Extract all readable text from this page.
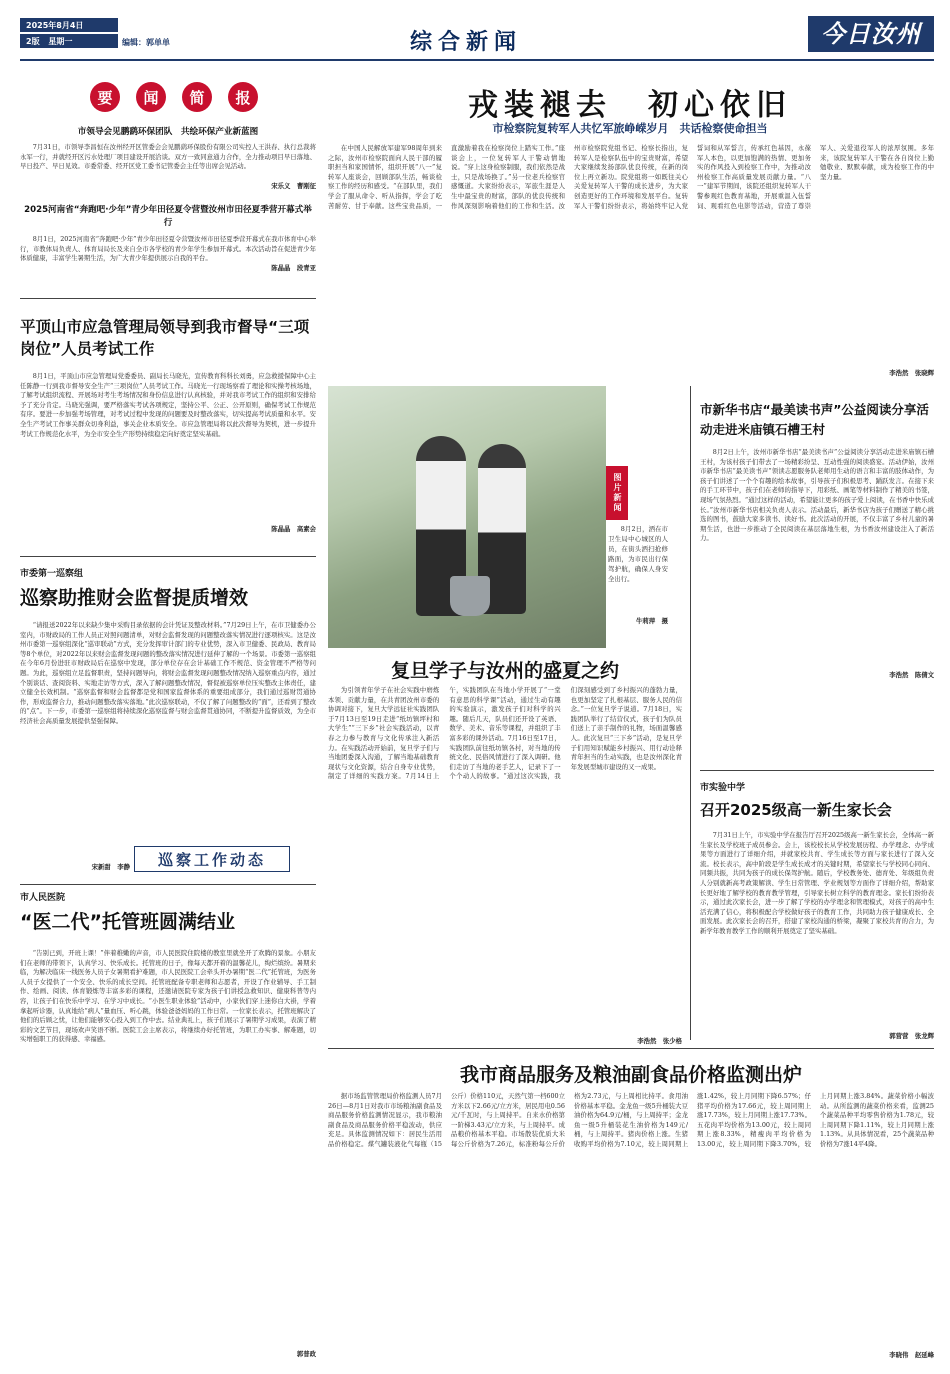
2025年8月4日
2版 星期一	编辑：郭单单	综合新闻	今日汝州
要	闻	简	报
市领导会见鹏鹞环保团队　共绘环保产业新蓝图
7月31日，市领导李昌恒在汝州经开区管委会会见鹏鹞环保股份有限公司实控人王洪春、执行总裁蒋永军一行，并就经开区污水处理厂项目建设开展洽谈。双方一致同意通力合作，全力推动项目早日落地、早日投产、早日见效。市委常委、经开区党工委书记管委会主任等出席会见活动。
宋乐义　曹刚征
2025河南省“奔跑吧·少年”青少年田径夏令营暨汝州市田径夏季营开幕式举行
8月1日，2025河南省“奔跑吧·少年”青少年田径夏令营暨汝州市田径夏季营开幕式在我市体育中心举行，市教体局负责人、体育局局长及来自全市各学校的青少年学生参加开幕式。本次活动旨在促进青少年体质健康，丰富学生暑期生活，为广大青少年提供展示自我的平台。
陈晶晶　段青亚
平顶山市应急管理局领导到我市督导“三项岗位”人员考试工作
8月1日，平顶山市应急管理局党委委员、副局长马晓光，宣传教育科科长刘勇，应急救援保障中心主任陈静一行到我市督导安全生产“三项岗位”人员考试工作。马晓光一行现场察看了理论和实操考核场地，了解考试组织流程、开展场对考生考场情况和身份信息进行认真核验，并对我市考试工作的组织和安排给予了充分肯定。马晓光强调，要严格落实考试各项规定，坚持公平、公正、公开原则，确保考试工作规范有序。要进一步加强考场管理，对考试过程中发现的问题要及时整改落实，切实提高考试质量和水平。安全生产考试工作事关群众切身利益，事关企业本质安全。市应急管理局将以此次督导为契机，进一步提升考试工作规范化水平，为全市安全生产形势持续稳定向好奠定坚实基础。
陈晶晶　高素会
市委第一巡察组
巡察助推财会监督提质增效
“请报送2022年以来缺少集中采购目录依据的会计凭证及整改材料。”7月29日上午，在市卫健委办公室内，市财政局的工作人员正对照问题清单，对财会监督发现的问题整改落实情况进行逐项核实。这是汝州市委第一巡察组深化“巡审联动”方式，充分发挥审计部门的专业优势，深入市卫健委、民政局、教育局等8个单位，对2022年以来财会监督发现问题的整改落实情况进行延伸了解的一个场景。市委第一巡察组在今年6月份进驻市财政局后在巡察中发现，部分单位存在会计基础工作不规范、资金管理不严格等问题。为此，巡察组立足监督职责，坚持问题导向，将财会监督发现问题整改情况纳入巡察重点内容，通过个别谈话、查阅资料、实地走访等方式，深入了解问题整改情况，督促被巡察单位压实整改主体责任，建立健全长效机制。“巡察监督和财会监督都是党和国家监督体系的重要组成部分，我们通过巡财贯通协作，形成监督合力，推动问题整改落实落地。”此次巡察联动，不仅了解了问题整改的“面”，还看到了整改的“点”。下一步，市委第一巡察组将持续深化巡察监督与财会监督贯通协同，不断提升监督质效，为全市经济社会高质量发展提供坚强保障。
宋新甜　李静 巡察工作动态
市人民医院
“医二代”托管班圆满结业
“告别已到，开班上课！”伴着稚嫩的声音，市人民医院住院楼的教室里就坐开了欢腾的景象。小朋友们在老师的带领下，认真学习、快乐成长。托管班的日子，像每天都开着的温馨花儿，绚烂缤纷。暑期来临，为解决临床一线医务人员子女暑期看护难题，市人民医院工会牵头开办暑期“医二代”托管班，为医务人员子女提供了一个安全、快乐的成长空间。托管班配备专职老师和志愿者，开设了作业辅导、手工制作、绘画、阅读、体育锻炼等丰富多彩的课程，还邀请医院专家为孩子们讲授急救知识、健康科普等内容，让孩子们在快乐中学习、在学习中成长。“小医生职业体验”活动中，小家伙们穿上迷你白大褂，学着拿起听诊器，认真地给“病人”量血压、听心跳，体验爸爸妈妈的工作日常。一位家长表示，托管班解决了他们的后顾之忧，让他们能够安心投入到工作中去。结业典礼上，孩子们展示了暑期学习成果，表演了精彩的文艺节目，现场欢声笑语不断。医院工会主席表示，将继续办好托管班，为职工办实事、解难题，切实增强职工的获得感、幸福感。
郭普政
戎装褪去　初心依旧
市检察院复转军人共忆军旅峥嵘岁月　共话检察使命担当
在中国人民解放军建军98周年到来之际，汝州市检察院面向人民干部的履职担当和家国情怀，组织开展“八一”复转军人座谈会，回顾部队生活，畅谈检察工作的经历和感受。“在部队里，我们学会了服从命令、听从指挥，学会了吃苦耐劳、甘于奉献。这些宝贵品质，一直激励着我在检察岗位上踏实工作。”座谈会上，一位复转军人干警动情地说。“穿上这身检察制服，我们依然是战士，只是战场换了。”另一位老兵检察官感慨道。大家纷纷表示，军旅生涯是人生中最宝贵的财富，部队的优良传统和作风深刻影响着他们的工作和生活。汝州市检察院党组书记、检察长指出，复转军人是检察队伍中的宝贵财富，希望大家继续发扬部队优良传统，在新的岗位上再立新功。院党组将一如既往关心关爱复转军人干警的成长进步，为大家创造更好的工作环境和发展平台。复转军人干警们纷纷表示，将始终牢记入党誓词和从军誓言，传承红色基因，永葆军人本色，以更加饱满的热情、更加务实的作风投入到检察工作中，为推动汝州检察工作高质量发展贡献力量。“八一”建军节期间，该院还组织复转军人干警参观红色教育基地，开展重温入伍誓词、观看红色电影等活动，营造了尊崇军人、关爱退役军人的浓厚氛围。多年来，该院复转军人干警在各自岗位上勤勉敬业、默默奉献，成为检察工作的中坚力量。
李浩然　张晓辉
图片新闻
8月2日，洒在市卫生局中心城区的人员，在街头洒扫抢修路面，为市民出行保驾护航，确保人身安全出行。
牛莉萍　摄
复旦学子与汝州的盛夏之约
为引领青年学子在社会实践中磨炼本领、贡献力量，在共青团汝州市委的协调对接下，复旦大学远征社实践团队于7月13日至19日走进“纸坊镇坪村和大学生”“三下乡”社会实践活动，以青春之力参与教育与文化传承注入新活力。在实践活动开始前，复旦学子们与当地团委深入沟通，了解当地基础教育现状与文化资源，结合自身专业优势，制定了详细的实践方案。7月14日上午，实践团队在当地小学开展了“一堂有意思的科学课”活动，通过生动有趣的实验演示，激发孩子们对科学的兴趣。随后几天，队员们还开设了英语、数学、美术、音乐等课程，并组织了丰富多彩的课外活动。7月16日至17日，实践团队前往纸坊镇各村，对当地的传统文化、民俗风情进行了深入调研。他们走访了当地的老手艺人，记录下了一个个动人的故事。“通过这次实践，我们深刻感受到了乡村振兴的蓬勃力量，也更加坚定了扎根基层、服务人民的信念。”一位复旦学子说道。7月18日，实践团队举行了结营仪式，孩子们为队员们送上了亲手制作的礼物，场面温馨感人。此次复旦“三下乡”活动，是复旦学子们用知识赋能乡村振兴、用行动诠释青年担当的生动实践，也是汝州深化青年发展型城市建设的又一成果。
李浩然　张少格
市新华书店“最美读书声”公益阅读分享活动走进米庙镇石槽王村
8月2日上午，汝州市新华书店“最美读书声”公益阅读分享活动走进米庙镇石槽王村，为该村孩子们带去了一场精彩纷呈、互动性强的阅读盛宴。活动伊始，汝州市新华书店“最美读书声”领读志愿服务队老师用生动的语言和丰富的肢体动作，为孩子们讲述了一个个有趣的绘本故事，引导孩子们积极思考、踊跃发言。在接下来的手工环节中，孩子们在老师的指导下，用彩纸、画笔等材料制作了精美的书签，现场气氛热烈。“通过这样的活动，希望能让更多的孩子爱上阅读，在书香中快乐成长。”汝州市新华书店相关负责人表示。活动最后，新华书店为孩子们赠送了精心挑选的图书，鼓励大家多读书、读好书。此次活动的开展，不仅丰富了乡村儿童的暑期生活，也进一步推动了全民阅读在基层落地生根，为书香汝州建设注入了新活力。
李浩然　陈倩文
市实验中学
召开2025级高一新生家长会
7月31日上午，市实验中学在报告厅召开2025级高一新生家长会，全体高一新生家长及学校班子成员参会。会上，该校校长从学校发展历程、办学理念、办学成果等方面进行了详细介绍，并就家校共育、学生成长等方面与家长进行了深入交流。校长表示，高中阶段是学生成长成才的关键时期，希望家长与学校同心同向、同频共振，共同为孩子的成长保驾护航。随后，学校教务处、德育处、年级组负责人分别就新高考政策解读、学生日常管理、学业规划等方面作了详细介绍，帮助家长更好地了解学校的教育教学管理，引导家长树立科学的教育理念。家长们纷纷表示，通过此次家长会，进一步了解了学校的办学理念和管理模式，对孩子的高中生活充满了信心，将积极配合学校做好孩子的教育工作，共同助力孩子健康成长、全面发展。此次家长会的召开，搭建了家校沟通的桥梁，凝聚了家校共育的合力，为新学年教育教学工作的顺利开展奠定了坚实基础。
郭营营　张龙辉
我市商品服务及粮油副食品价格监测出炉
据市场监管管理局价格监测人员7月26日—8月1日对我市市场粮油副食品及商品服务价格监测情况显示，我市粮油副食品及商品服务价格平稳波动，供应充足。具体监测情况如下：居民生活用品价格稳定。煤气罐装液化气每瓶（15公斤）价格110元，天然气第一档600立方米以下2.66元/立方米，居民用电0.56元/千瓦时，与上周持平。自来水价格第一阶梯3.43元/立方米，与上周持平。成品粮价格基本平稳。市场散装优质大米每公斤价格为7.26元，标准粉每公斤价格为2.73元，与上周相比持平。食用油价格基本平稳。金龙鱼一级5升桶装大豆油价格为64.9元/桶，与上周持平；金龙鱼一级5升桶装花生油价格为149元/桶，与上周持平。猪肉价格上涨。生猪收购平均价格为7.10元，较上周同期上涨1.42%，较上月同期下降6.57%；仔猪平均价格为17.66元，较上周同期上涨17.73%，较上月同期上涨17.73%。五花肉平均价格为13.00元，较上周同期上涨8.33%，精瘦肉平均价格为13.00元，较上周同期下降3.70%，较上月同期上涨3.84%。蔬菜价格小幅波动。从所监测的蔬菜价格来看，监测25个蔬菜品种平均零售价格为1.78元，较上周同期下降1.11%，较上月同期上涨1.13%。从具体情况看，25个蔬菜品种价格为7涨14平4降。
李晓伟　赵延峰
